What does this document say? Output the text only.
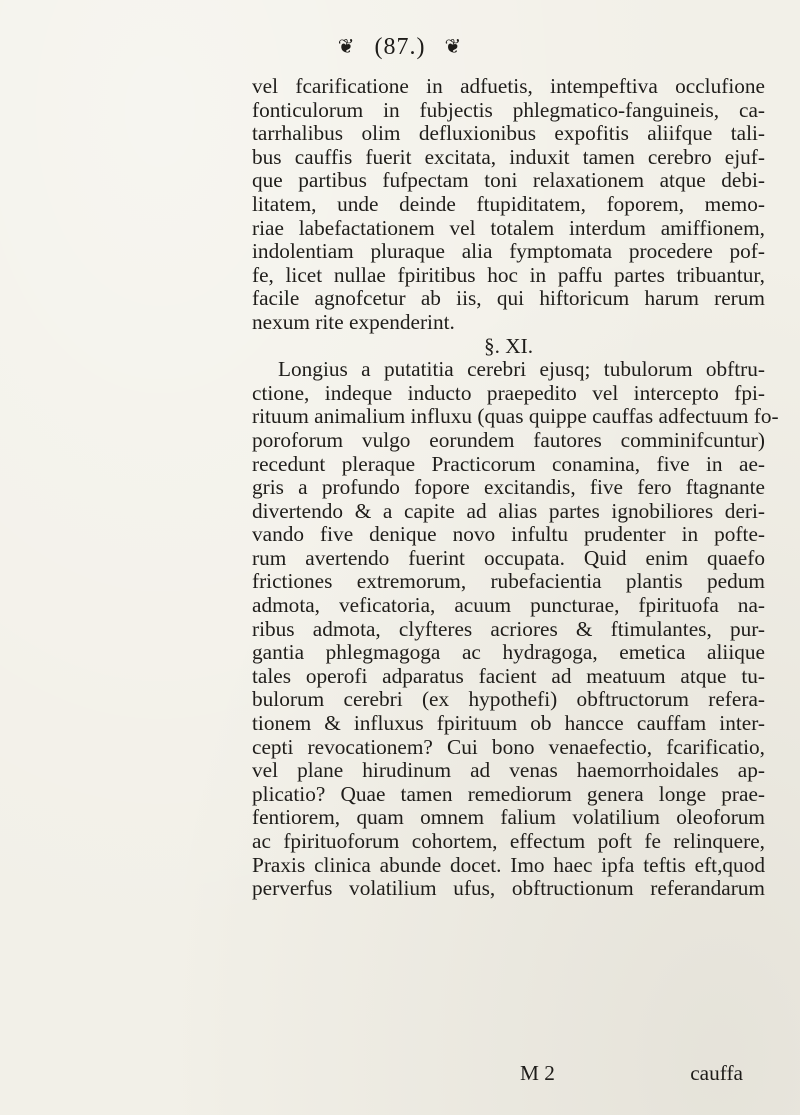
❦ (87.) ❦
vel fcarificatione in adfuetis, intempeftiva occlufione
fonticulorum in fubjectis phlegmatico-fanguineis, ca-
tarrhalibus olim defluxionibus expofitis aliifque tali-
bus cauffis fuerit excitata, induxit tamen cerebro ejuf-
que partibus fufpectam toni relaxationem atque debi-
litatem, unde deinde ftupiditatem, foporem, memo-
riae labefactationem vel totalem interdum amiffionem,
indolentiam pluraque alia fymptomata procedere pof-
fe, licet nullae fpiritibus hoc in paffu partes tribuantur,
facile agnofcetur ab iis, qui hiftoricum harum rerum
nexum rite expenderint.
§. XI.
Longius a putatitia cerebri ejusq; tubulorum obftru-
ctione, indeque inducto praepedito vel intercepto fpi-
rituum animalium influxu (quas quippe cauffas adfectuum fo-
poroforum vulgo eorundem fautores comminifcuntur)
recedunt pleraque Practicorum conamina, five in ae-
gris a profundo fopore excitandis, five fero ftagnante
divertendo & a capite ad alias partes ignobiliores deri-
vando five denique novo infultu prudenter in pofte-
rum avertendo fuerint occupata. Quid enim quaefo
frictiones extremorum, rubefacientia plantis pedum
admota, veficatoria, acuum puncturae, fpirituofa na-
ribus admota, clyfteres acriores & ftimulantes, pur-
gantia phlegmagoga ac hydragoga, emetica aliique
tales operofi adparatus facient ad meatuum atque tu-
bulorum cerebri (ex hypothefi) obftructorum refera-
tionem & influxus fpirituum ob hancce cauffam inter-
cepti revocationem? Cui bono venaefectio, fcarificatio,
vel plane hirudinum ad venas haemorrhoidales ap-
plicatio? Quae tamen remediorum genera longe prae-
fentiorem, quam omnem falium volatilium oleoforum
ac fpirituoforum cohortem, effectum poft fe relinquere,
Praxis clinica abunde docet. Imo haec ipfa teftis eft,quod
perverfus volatilium ufus, obftructionum referandarum
M 2	cauffa
